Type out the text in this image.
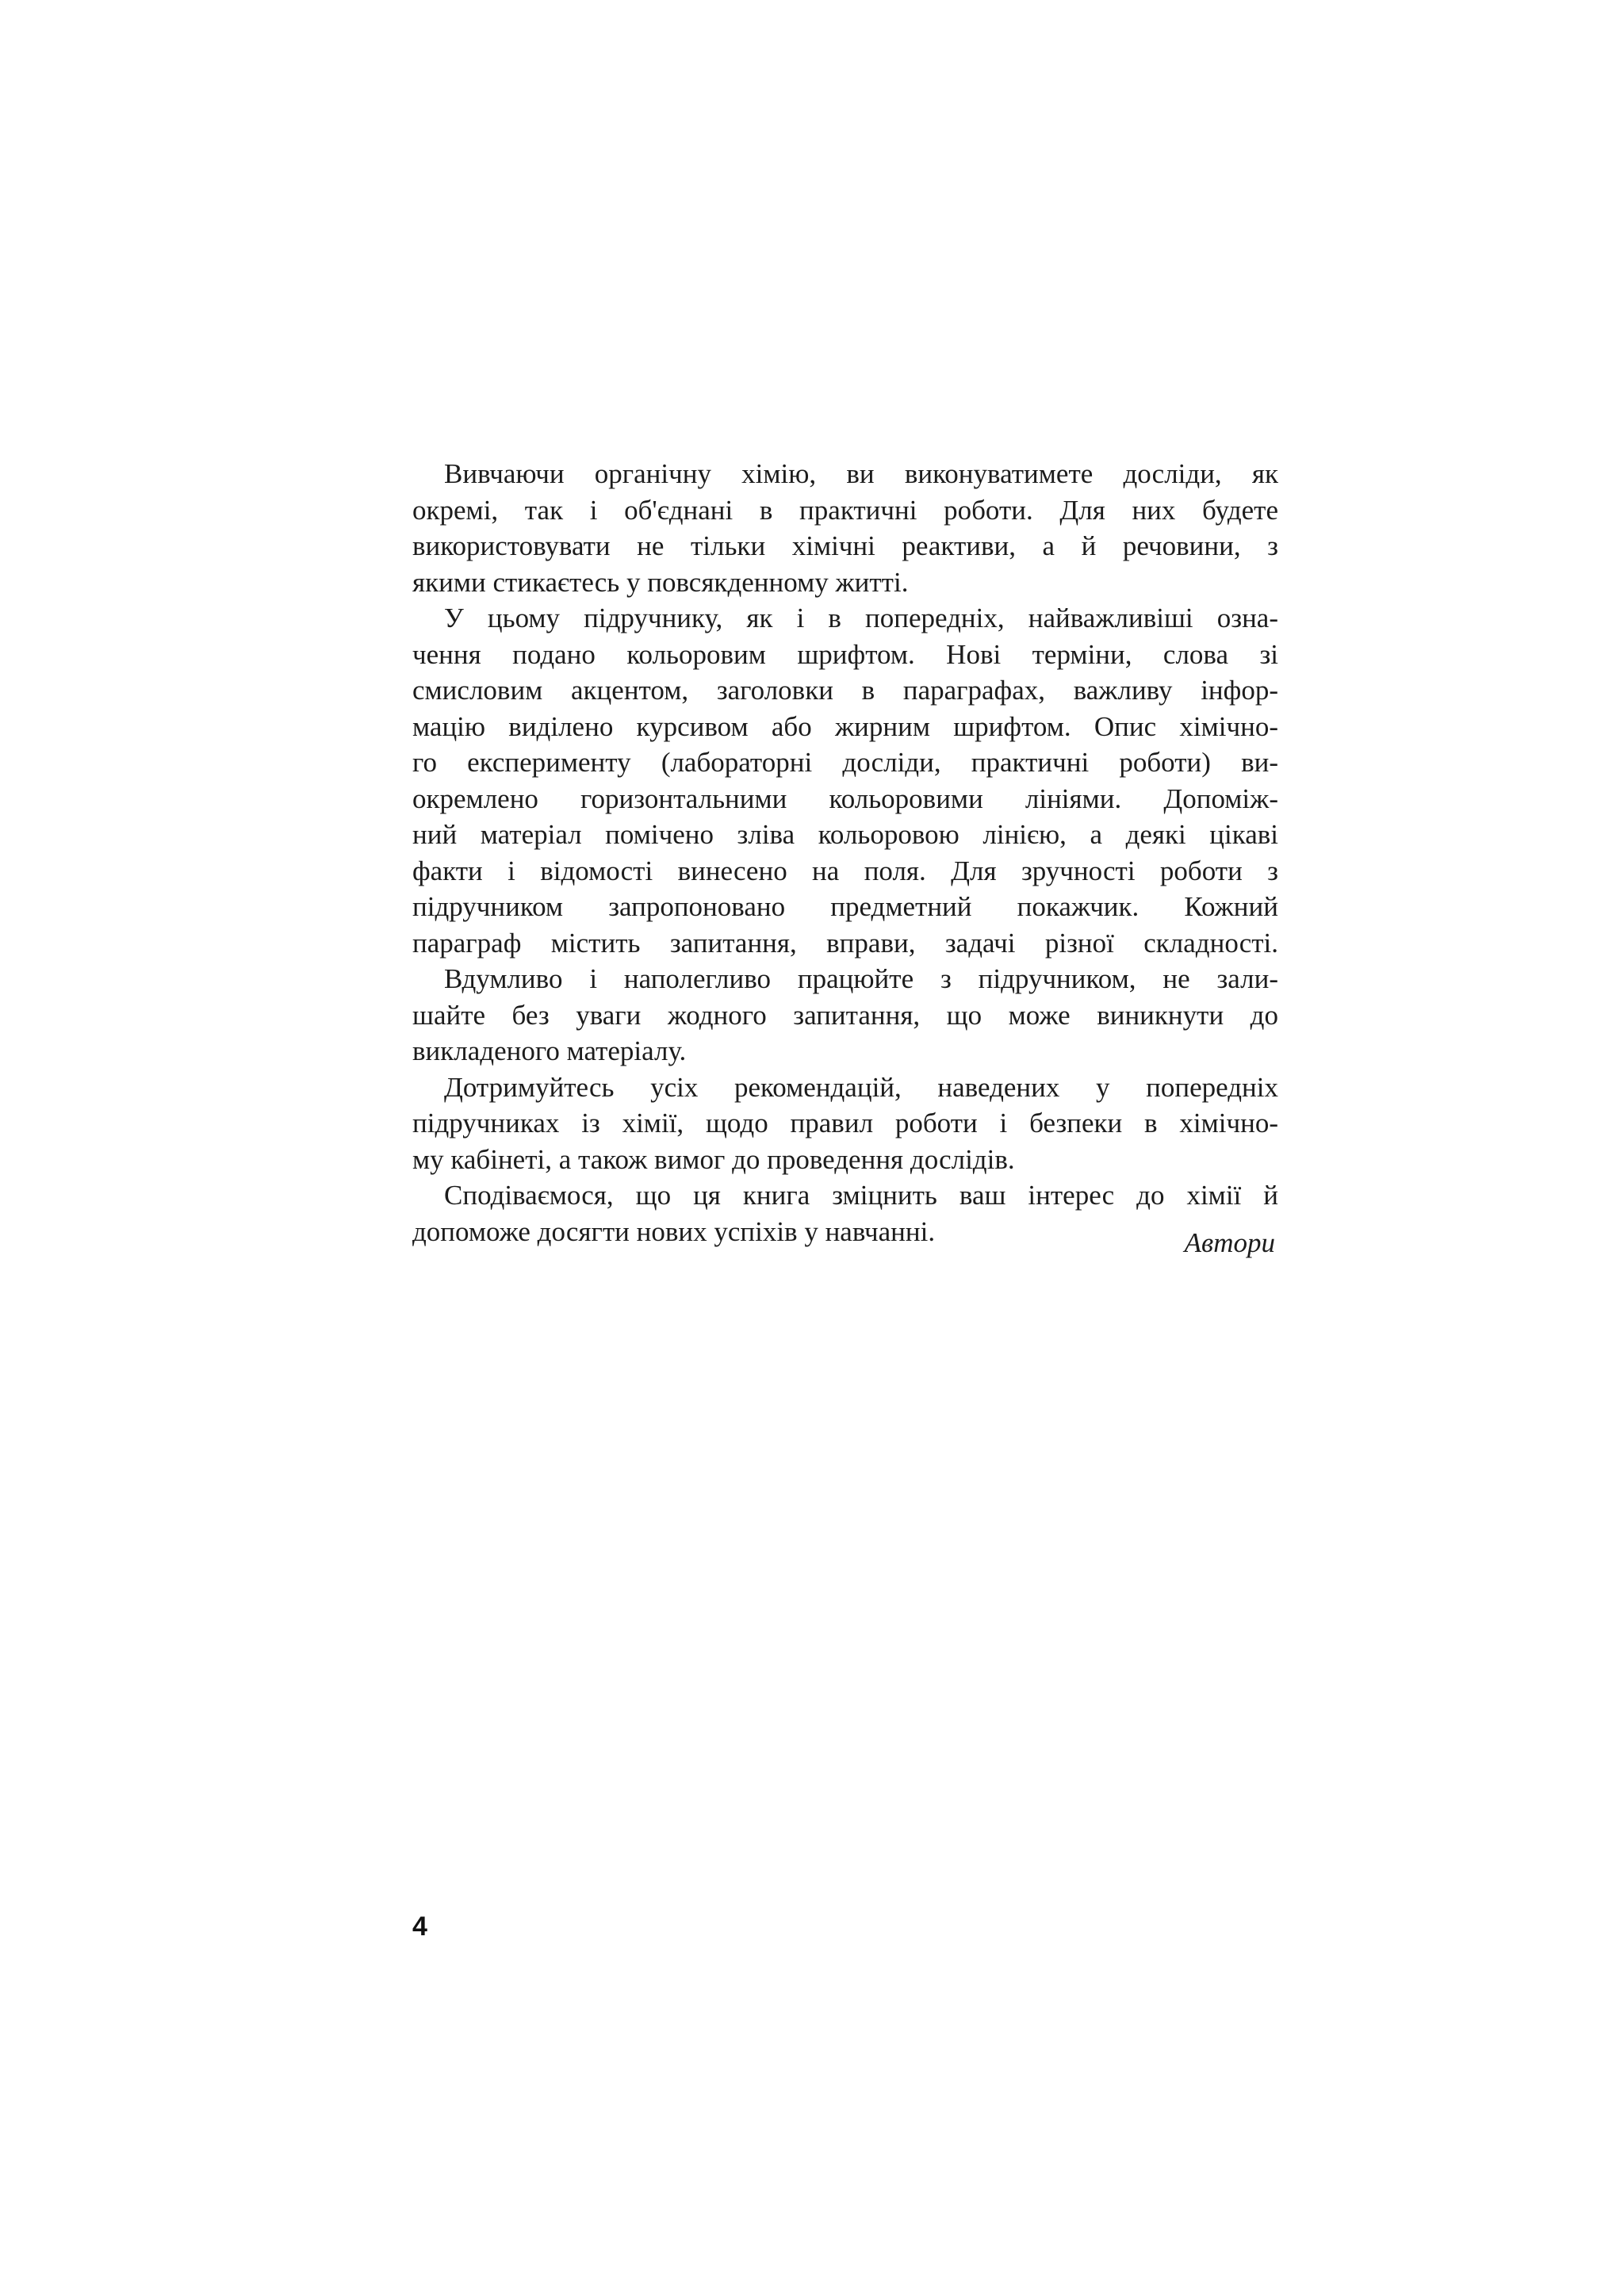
Вивчаючи органічну хімію, ви виконуватимете досліди, як
окремі, так і об'єднані в практичні роботи. Для них будете
використовувати не тільки хімічні реактиви, а й речовини, з
якими стикаєтесь у повсякденному житті.

У цьому підручнику, як і в попередніх, найважливіші озна-
чення подано кольоровим шрифтом. Нові терміни, слова зі
смисловим акцентом, заголовки в параграфах, важливу інфор-
мацію виділено курсивом або жирним шрифтом. Опис хімічно-
го експерименту (лабораторні досліди, практичні роботи) ви-
окремлено горизонтальними кольоровими лініями. Допоміж-
ний матеріал помічено зліва кольоровою лінією, а деякі цікаві
факти і відомості винесено на поля. Для зручності роботи з
підручником запропоновано предметний покажчик. Кожний
параграф містить запитання, вправи, задачі різної складності.

Вдумливо і наполегливо працюйте з підручником, не зали-
шайте без уваги жодного запитання, що може виникнути до
викладеного матеріалу.

Дотримуйтесь усіх рекомендацій, наведених у попередніх
підручниках із хімії, щодо правил роботи і безпеки в хімічно-
му кабінеті, а також вимог до проведення дослідів.

Сподіваємося, що ця книга зміцнить ваш інтерес до хімії й
допоможе досягти нових успіхів у навчанні.	Автори
4
